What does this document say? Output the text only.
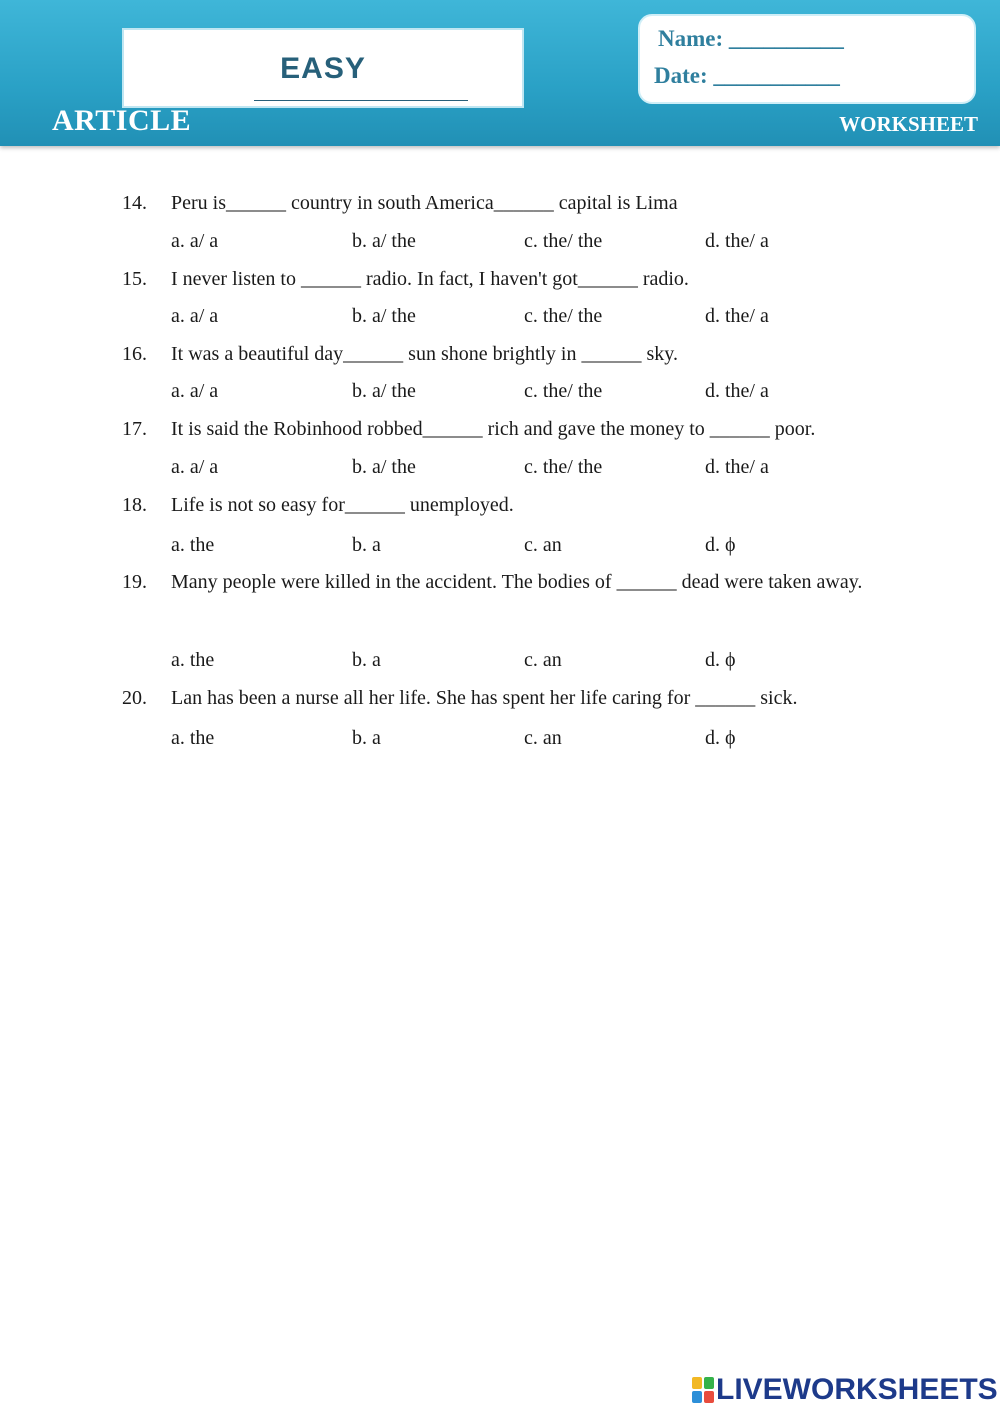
EASY
Name: __________
Date: ___________
ARTICLE	WORKSHEET
14. Peru is______ country in south America______ capital is Lima
a. a/ a	b. a/ the	c. the/ the	d. the/ a
15. I never listen to ______ radio. In fact, I haven't got______ radio.
a. a/ a	b. a/ the	c. the/ the	d. the/ a
16. It was a beautiful day______ sun shone brightly in ______ sky.
a. a/ a	b. a/ the	c. the/ the	d. the/ a
17. It is said the Robinhood robbed______ rich and gave the money to ______ poor.
a. a/ a	b. a/ the	c. the/ the	d. the/ a
18. Life is not so easy for______ unemployed.
a. the	b. a	c. an	d. ϕ
19. Many people were killed in the accident. The bodies of ______ dead were taken away.
a. the	b. a	c. an	d. ϕ
20. Lan has been a nurse all her life. She has spent her life caring for ______ sick.
a. the	b. a	c. an	d. ϕ
LIVEWORKSHEETS
